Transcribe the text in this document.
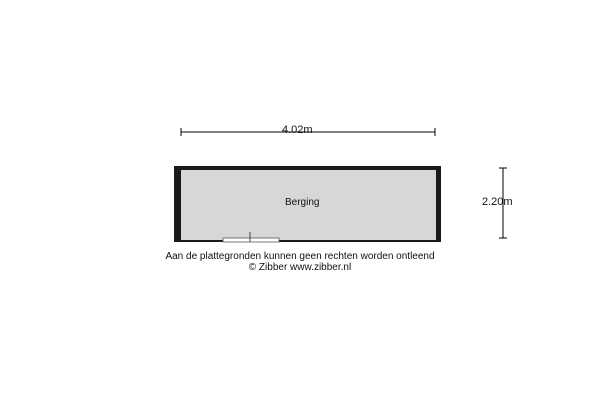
4.02m
2.20m
Berging
Aan de plattegronden kunnen geen rechten worden ontleend
© Zibber www.zibber.nl
